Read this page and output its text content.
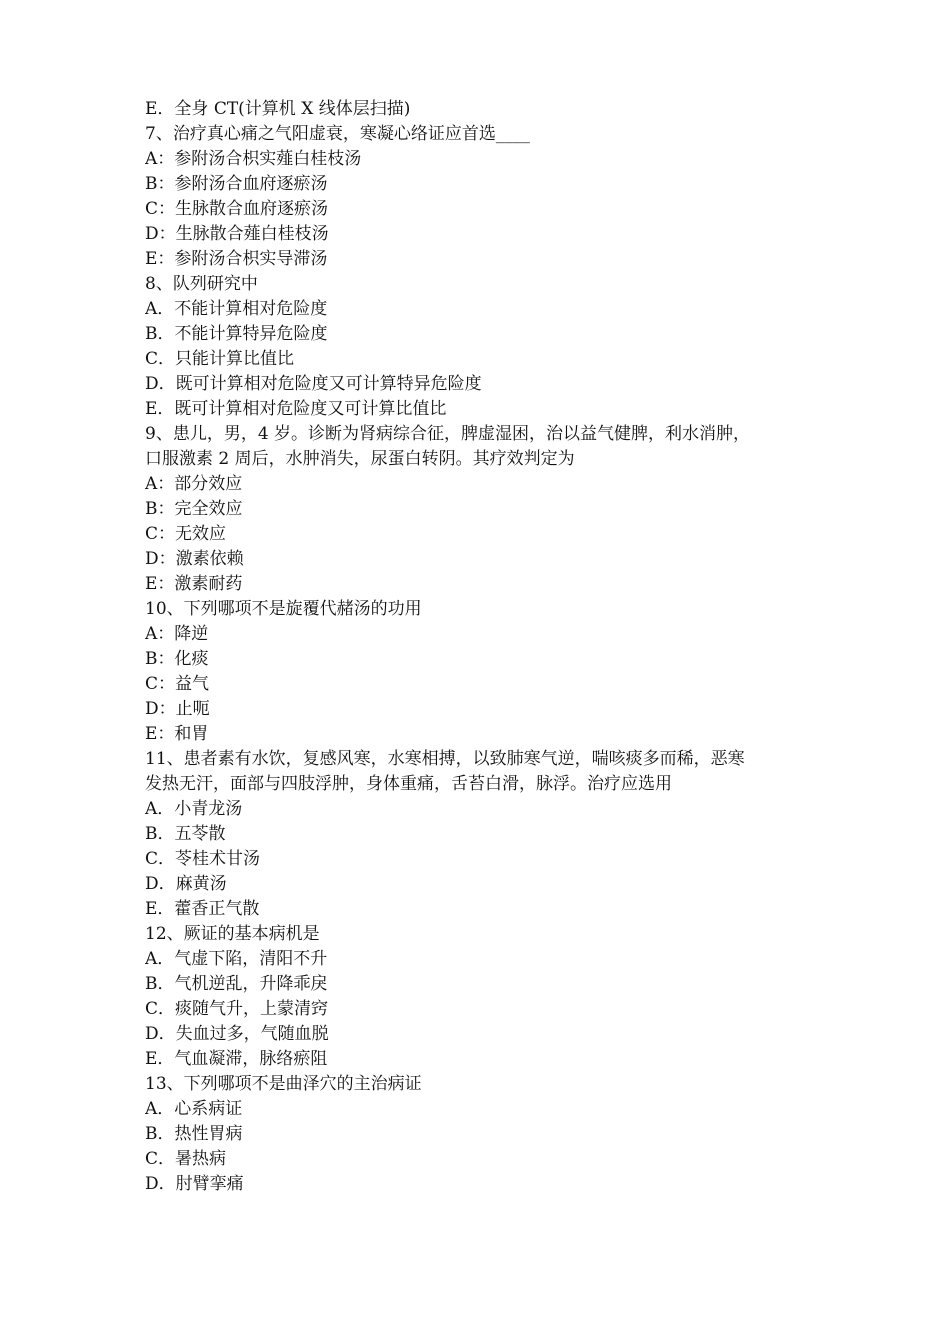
E．全身 CT(计算机 X 线体层扫描)
7、治疗真心痛之气阳虚衰，寒凝心络证应首选____
A：参附汤合枳实薤白桂枝汤
B：参附汤合血府逐瘀汤
C：生脉散合血府逐瘀汤
D：生脉散合薤白桂枝汤
E：参附汤合枳实导滞汤
8、队列研究中
A．不能计算相对危险度
B．不能计算特异危险度
C．只能计算比值比
D．既可计算相对危险度又可计算特异危险度
E．既可计算相对危险度又可计算比值比
9、患儿，男，4 岁。诊断为肾病综合征，脾虚湿困，治以益气健脾，利水消肿，
口服激素 2 周后，水肿消失，尿蛋白转阴。其疗效判定为
A：部分效应
B：完全效应
C：无效应
D：激素依赖
E：激素耐药
10、下列哪项不是旋覆代赭汤的功用
A：降逆
B：化痰
C：益气
D：止呃
E：和胃
11、患者素有水饮，复感风寒，水寒相搏，以致肺寒气逆，喘咳痰多而稀，恶寒
发热无汗，面部与四肢浮肿，身体重痛，舌苔白滑，脉浮。治疗应选用
A．小青龙汤
B．五苓散
C．苓桂术甘汤
D．麻黄汤
E．藿香正气散
12、厥证的基本病机是
A．气虚下陷，清阳不升
B．气机逆乱，升降乖戾
C．痰随气升，上蒙清窍
D．失血过多，气随血脱
E．气血凝滞，脉络瘀阻
13、下列哪项不是曲泽穴的主治病证
A．心系病证
B．热性胃病
C．暑热病
D．肘臂挛痛
